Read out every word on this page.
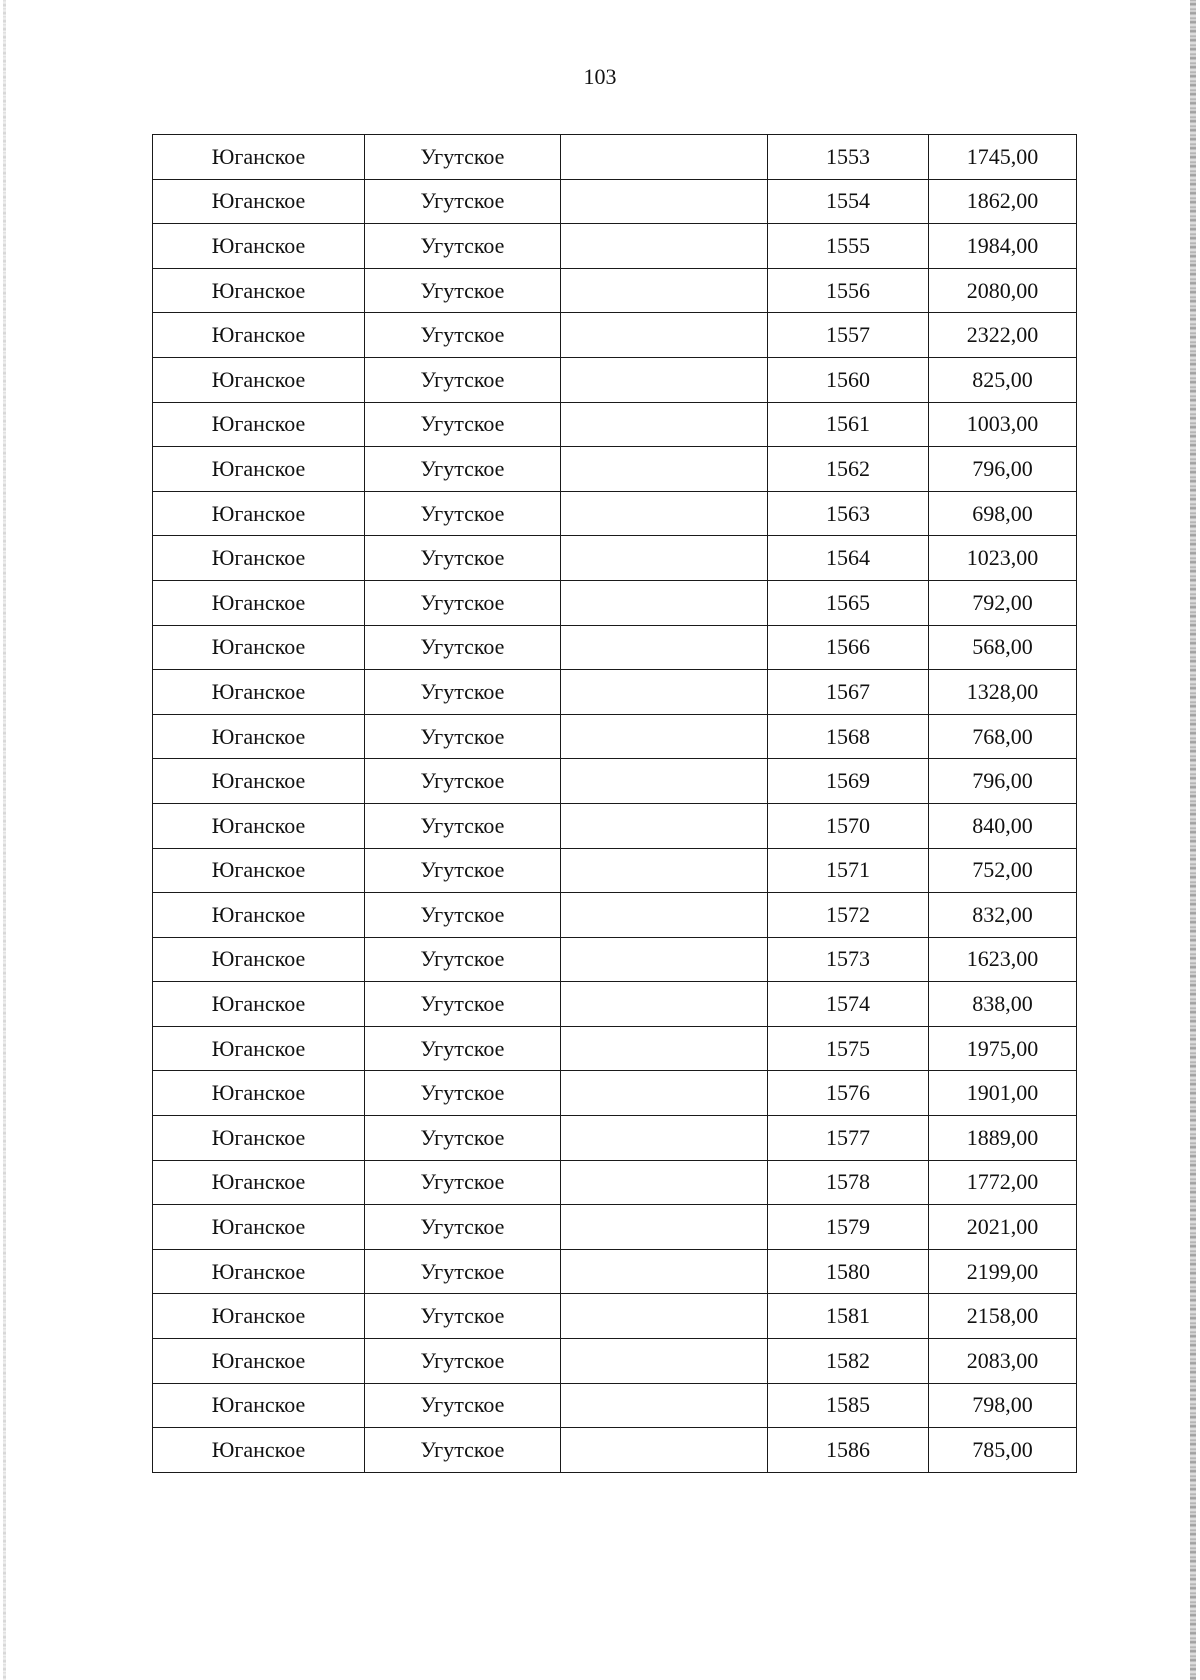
103
Юганское	Угутское		1553	1745,00
Юганское	Угутское		1554	1862,00
Юганское	Угутское		1555	1984,00
Юганское	Угутское		1556	2080,00
Юганское	Угутское		1557	2322,00
Юганское	Угутское		1560	825,00
Юганское	Угутское		1561	1003,00
Юганское	Угутское		1562	796,00
Юганское	Угутское		1563	698,00
Юганское	Угутское		1564	1023,00
Юганское	Угутское		1565	792,00
Юганское	Угутское		1566	568,00
Юганское	Угутское		1567	1328,00
Юганское	Угутское		1568	768,00
Юганское	Угутское		1569	796,00
Юганское	Угутское		1570	840,00
Юганское	Угутское		1571	752,00
Юганское	Угутское		1572	832,00
Юганское	Угутское		1573	1623,00
Юганское	Угутское		1574	838,00
Юганское	Угутское		1575	1975,00
Юганское	Угутское		1576	1901,00
Юганское	Угутское		1577	1889,00
Юганское	Угутское		1578	1772,00
Юганское	Угутское		1579	2021,00
Юганское	Угутское		1580	2199,00
Юганское	Угутское		1581	2158,00
Юганское	Угутское		1582	2083,00
Юганское	Угутское		1585	798,00
Юганское	Угутское		1586	785,00
